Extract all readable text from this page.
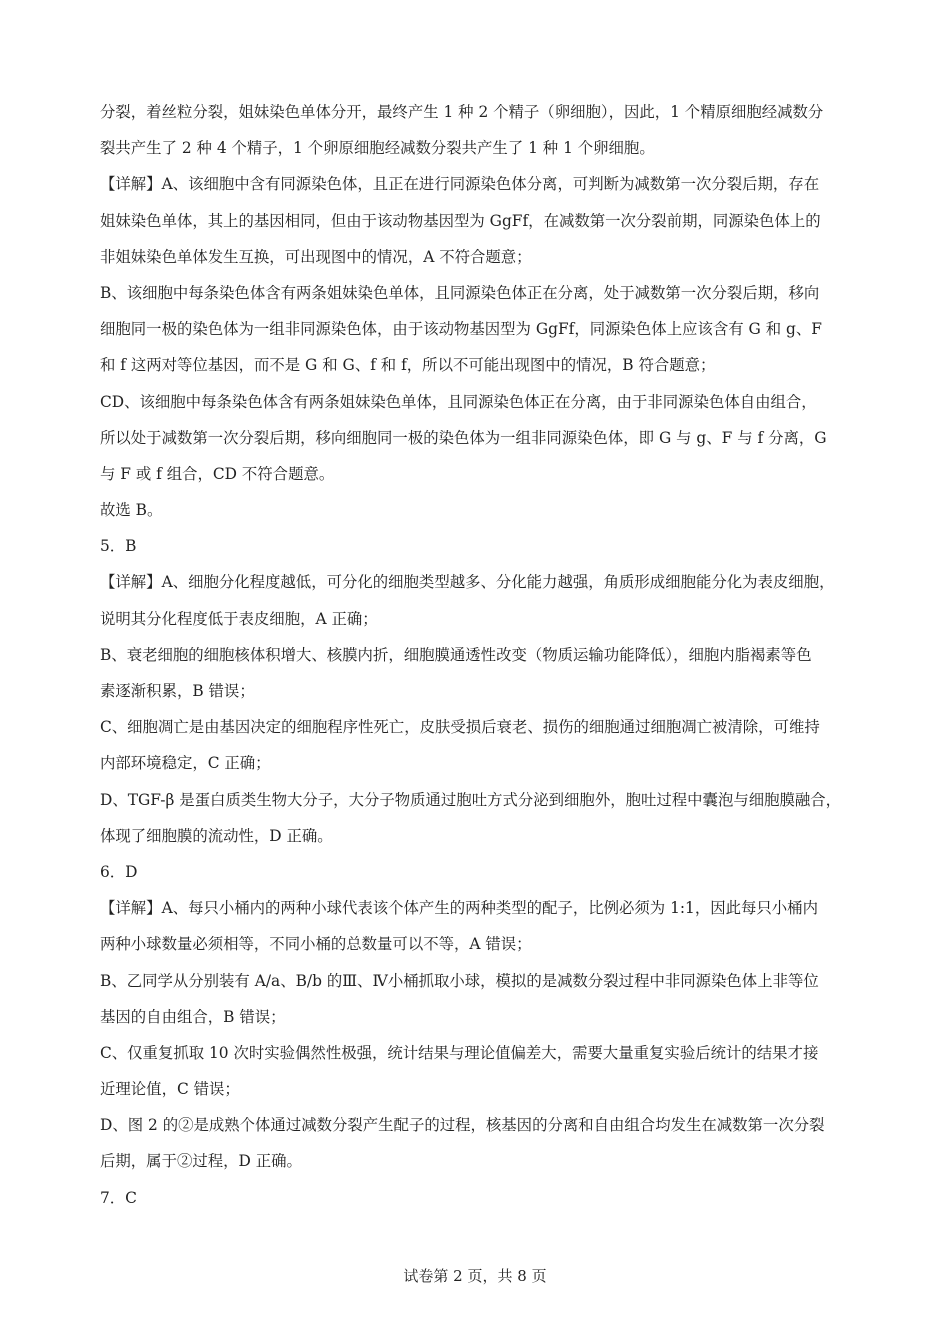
分裂，着丝粒分裂，姐妹染色单体分开，最终产生 1 种 2 个精子（卵细胞），因此，1 个精原细胞经减数分
裂共产生了 2 种 4 个精子，1 个卵原细胞经减数分裂共产生了 1 种 1 个卵细胞。
【详解】A、该细胞中含有同源染色体，且正在进行同源染色体分离，可判断为减数第一次分裂后期，存在
姐妹染色单体，其上的基因相同，但由于该动物基因型为 GgFf，在减数第一次分裂前期，同源染色体上的
非姐妹染色单体发生互换，可出现图中的情况，A 不符合题意；
B、该细胞中每条染色体含有两条姐妹染色单体，且同源染色体正在分离，处于减数第一次分裂后期，移向
细胞同一极的染色体为一组非同源染色体，由于该动物基因型为 GgFf，同源染色体上应该含有 G 和 g、F
和 f 这两对等位基因，而不是 G 和 G、f 和 f，所以不可能出现图中的情况，B 符合题意；
CD、该细胞中每条染色体含有两条姐妹染色单体，且同源染色体正在分离，由于非同源染色体自由组合，
所以处于减数第一次分裂后期，移向细胞同一极的染色体为一组非同源染色体，即 G 与 g、F 与 f 分离，G
与 F 或 f 组合，CD 不符合题意。
故选 B。
5．B
【详解】A、细胞分化程度越低，可分化的细胞类型越多、分化能力越强，角质形成细胞能分化为表皮细胞，
说明其分化程度低于表皮细胞，A 正确；
B、衰老细胞的细胞核体积增大、核膜内折，细胞膜通透性改变（物质运输功能降低），细胞内脂褐素等色
素逐渐积累，B 错误；
C、细胞凋亡是由基因决定的细胞程序性死亡，皮肤受损后衰老、损伤的细胞通过细胞凋亡被清除，可维持
内部环境稳定，C 正确；
D、TGF-β 是蛋白质类生物大分子，大分子物质通过胞吐方式分泌到细胞外，胞吐过程中囊泡与细胞膜融合，
体现了细胞膜的流动性，D 正确。
6．D
【详解】A、每只小桶内的两种小球代表该个体产生的两种类型的配子，比例必须为 1:1，因此每只小桶内
两种小球数量必须相等，不同小桶的总数量可以不等，A 错误；
B、乙同学从分别装有 A/a、B/b 的Ⅲ、Ⅳ小桶抓取小球，模拟的是减数分裂过程中非同源染色体上非等位
基因的自由组合，B 错误；
C、仅重复抓取 10 次时实验偶然性极强，统计结果与理论值偏差大，需要大量重复实验后统计的结果才接
近理论值，C 错误；
D、图 2 的②是成熟个体通过减数分裂产生配子的过程，核基因的分离和自由组合均发生在减数第一次分裂
后期，属于②过程，D 正确。
7．C
试卷第 2 页，共 8 页
